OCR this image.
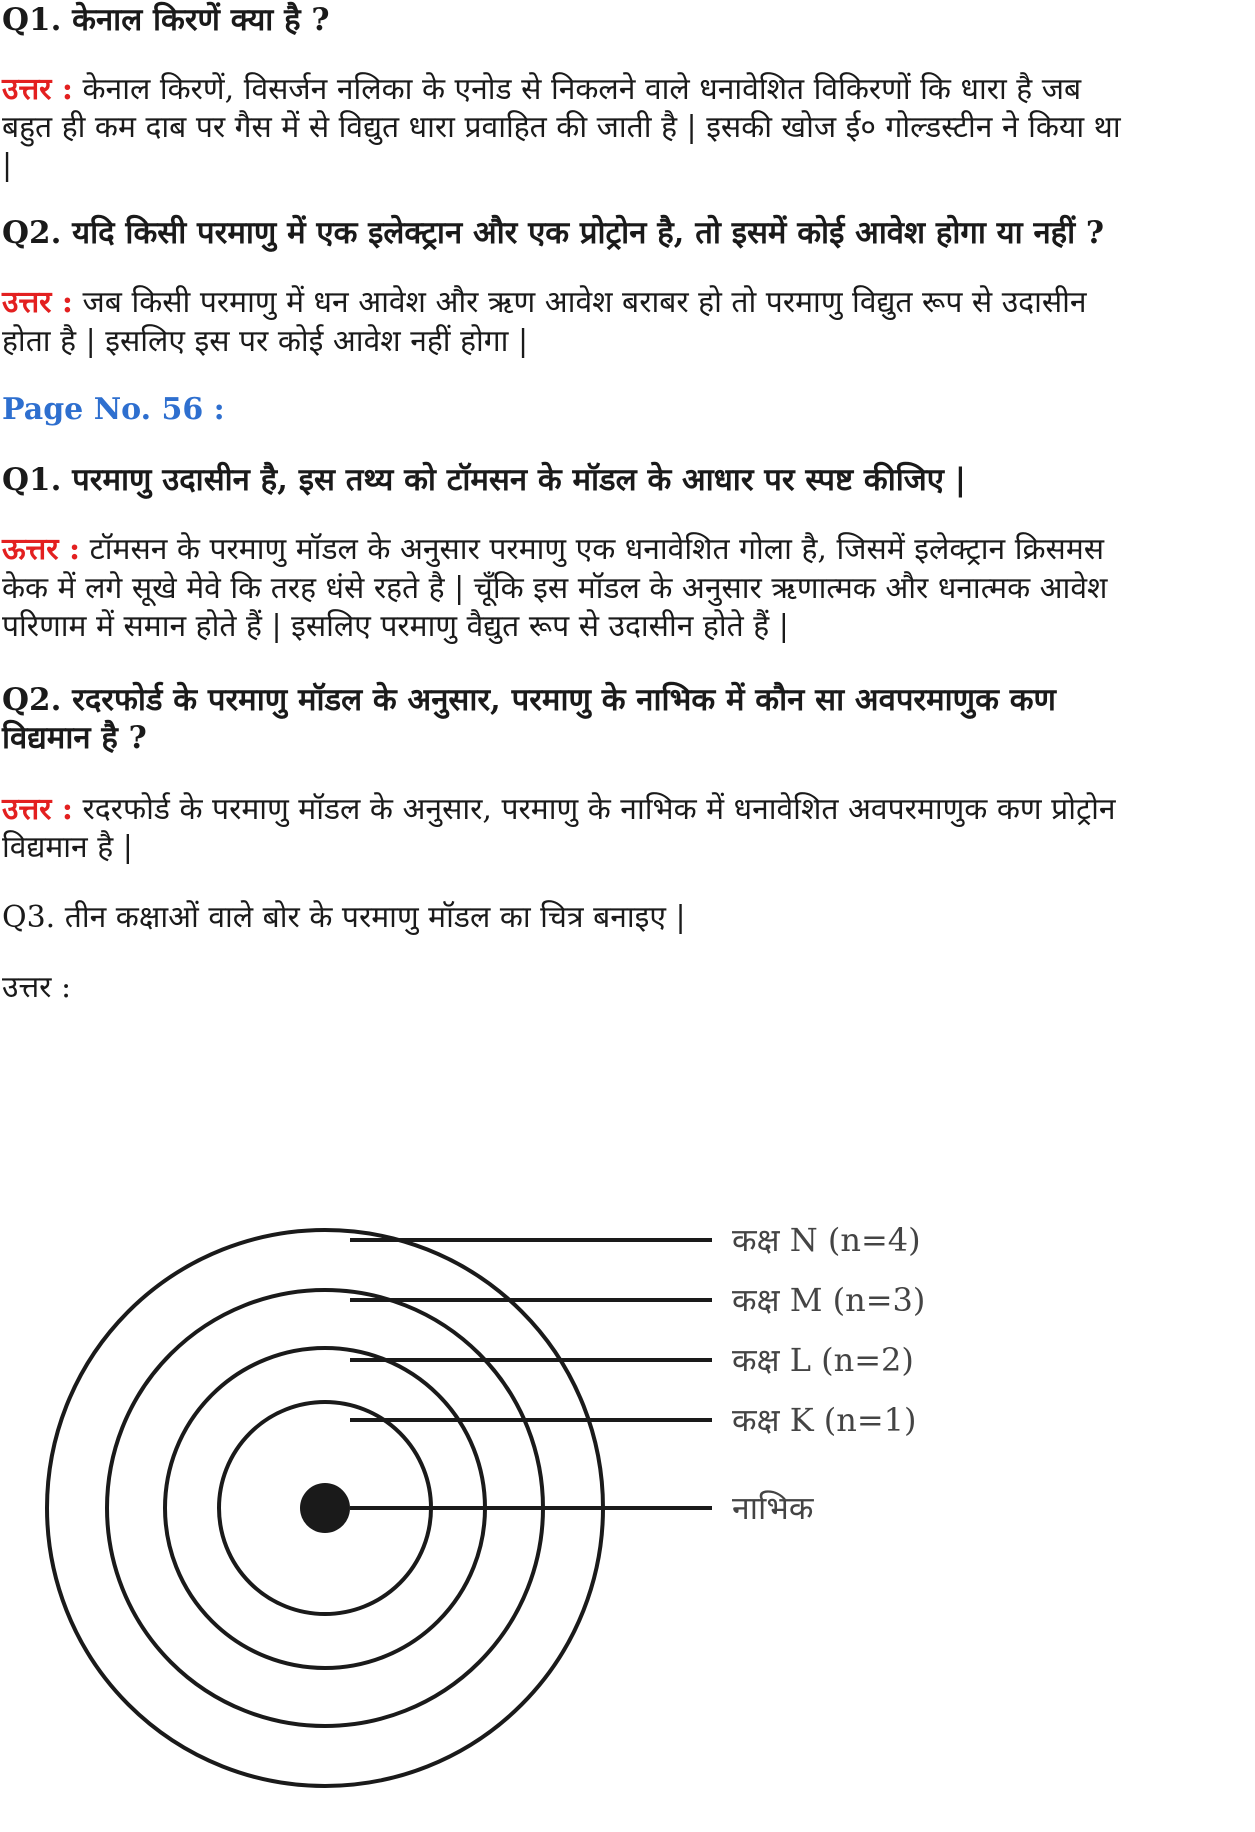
Q1. केनाल किरणें क्या है ?
उत्तर : केनाल किरणें, विसर्जन नलिका के एनोड से निकलने वाले धनावेशित विकिरणों कि धारा है जब
बहुत ही कम दाब पर गैस में से विद्युत धारा प्रवाहित की जाती है | इसकी खोज ई० गोल्डस्टीन ने किया था
|
Q2. यदि किसी परमाणु में एक इलेक्ट्रान और एक प्रोट्रोन है, तो इसमें कोई आवेश होगा या नहीं ?
उत्तर : जब किसी परमाणु में धन आवेश और ऋण आवेश बराबर हो तो परमाणु विद्युत रूप से उदासीन
होता है | इसलिए इस पर कोई आवेश नहीं होगा |
Page No. 56 :
Q1. परमाणु उदासीन है, इस तथ्य को टॉमसन के मॉडल के आधार पर स्पष्ट कीजिए |
ऊत्तर : टॉमसन के परमाणु मॉडल के अनुसार परमाणु एक धनावेशित गोला है, जिसमें इलेक्ट्रान क्रिसमस
केक में लगे सूखे मेवे कि तरह धंसे रहते है | चूँकि इस मॉडल के अनुसार ऋणात्मक और धनात्मक आवेश
परिणाम में समान होते हैं | इसलिए परमाणु वैद्युत रूप से उदासीन होते हैं |
Q2. रदरफोर्ड के परमाणु मॉडल के अनुसार, परमाणु के नाभिक में कौन सा अवपरमाणुक कण
विद्यमान है ?
उत्तर : रदरफोर्ड के परमाणु मॉडल के अनुसार, परमाणु के नाभिक में धनावेशित अवपरमाणुक कण प्रोट्रोन
विद्यमान है |
Q3. तीन कक्षाओं वाले बोर के परमाणु मॉडल का चित्र बनाइए |
उत्तर :
कक्ष N (n=4)
कक्ष M (n=3)
कक्ष L (n=2)
कक्ष K (n=1)
नाभिक
